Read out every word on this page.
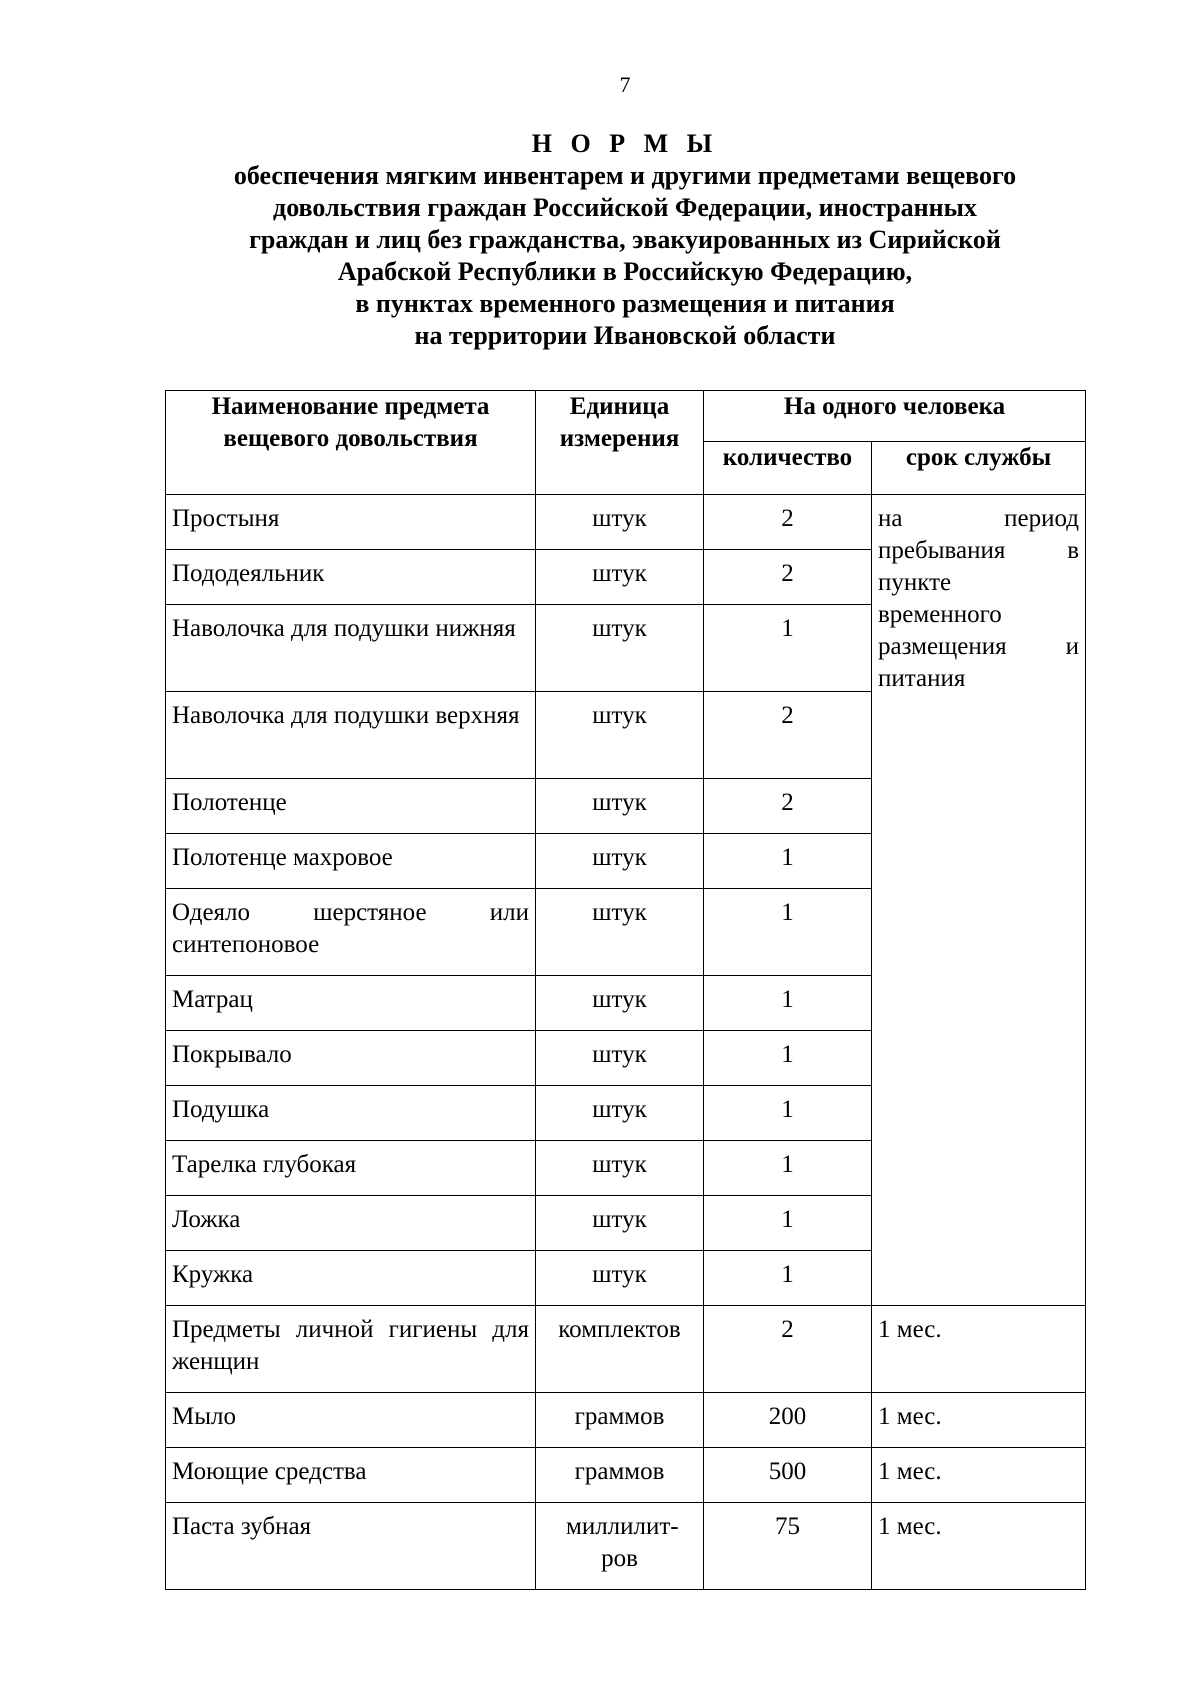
7
Н О Р М Ы
обеспечения мягким инвентарем и другими предметами вещевого
довольствия граждан Российской Федерации, иностранных
граждан и лиц без гражданства, эвакуированных из Сирийской
Арабской Республики в Российскую Федерацию,
в пунктах временного размещения и питания
на территории Ивановской области
Наименование предмета вещевого довольствия	Единица измерения	На одного человека	
		количество	срок службы
Простыня	штук	2	на период пребывания в пункте временного размещения и питания
Пододеяльник	штук	2	
Наволочка для подушки нижняя	штук	1	
Наволочка для подушки верхняя	штук	2	
Полотенце	штук	2	
Полотенце махровое	штук	1	
Одеяло шерстяное или синтепоновое	штук	1	
Матрац	штук	1	
Покрывало	штук	1	
Подушка	штук	1	
Тарелка глубокая	штук	1	
Ложка	штук	1	
Кружка	штук	1	
Предметы личной гигиены для женщин	комплектов	2	1 мес.
Мыло	граммов	200	1 мес.
Моющие средства	граммов	500	1 мес.
Паста зубная	миллилит-ров	75	1 мес.
